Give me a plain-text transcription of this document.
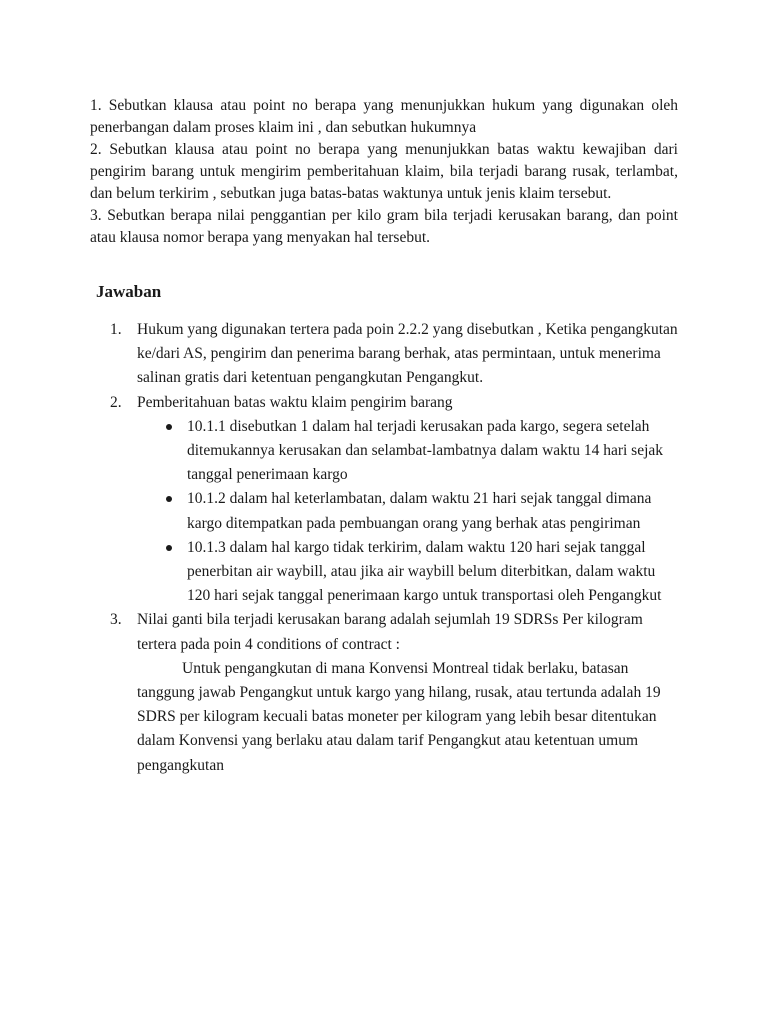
1. Sebutkan klausa atau point no berapa yang menunjukkan hukum yang digunakan oleh penerbangan dalam proses klaim ini , dan sebutkan hukumnya

2. Sebutkan klausa atau point no berapa yang menunjukkan batas waktu kewajiban dari pengirim barang untuk mengirim pemberitahuan klaim, bila terjadi barang rusak, terlambat, dan belum terkirim , sebutkan juga batas-batas waktunya untuk jenis klaim tersebut.

3. Sebutkan berapa nilai penggantian per kilo gram bila terjadi kerusakan barang, dan point atau klausa nomor berapa yang menyakan hal tersebut.

Jawaban
1. Hukum yang digunakan tertera pada poin 2.2.2 yang disebutkan , Ketika pengangkutan ke/dari AS, pengirim dan penerima barang berhak, atas permintaan, untuk menerima salinan gratis dari ketentuan pengangkutan Pengangkut.
2. Pemberitahuan batas waktu klaim pengirim barang
10.1.1 disebutkan 1 dalam hal terjadi kerusakan pada kargo, segera setelah ditemukannya kerusakan dan selambat-lambatnya dalam waktu 14 hari sejak tanggal penerimaan kargo
10.1.2 dalam hal keterlambatan, dalam waktu 21 hari sejak tanggal dimana kargo ditempatkan pada pembuangan orang yang berhak atas pengiriman
10.1.3 dalam hal kargo tidak terkirim, dalam waktu 120 hari sejak tanggal penerbitan air waybill, atau jika air waybill belum diterbitkan, dalam waktu 120 hari sejak tanggal penerimaan kargo untuk transportasi oleh Pengangkut
3. Nilai ganti bila terjadi kerusakan barang adalah sejumlah 19 SDRSs Per kilogram tertera pada poin 4 conditions of contract :
Untuk pengangkutan di mana Konvensi Montreal tidak berlaku, batasan tanggung jawab Pengangkut untuk kargo yang hilang, rusak, atau tertunda adalah 19 SDRS per kilogram kecuali batas moneter per kilogram yang lebih besar ditentukan dalam Konvensi yang berlaku atau dalam tarif Pengangkut atau ketentuan umum pengangkutan
